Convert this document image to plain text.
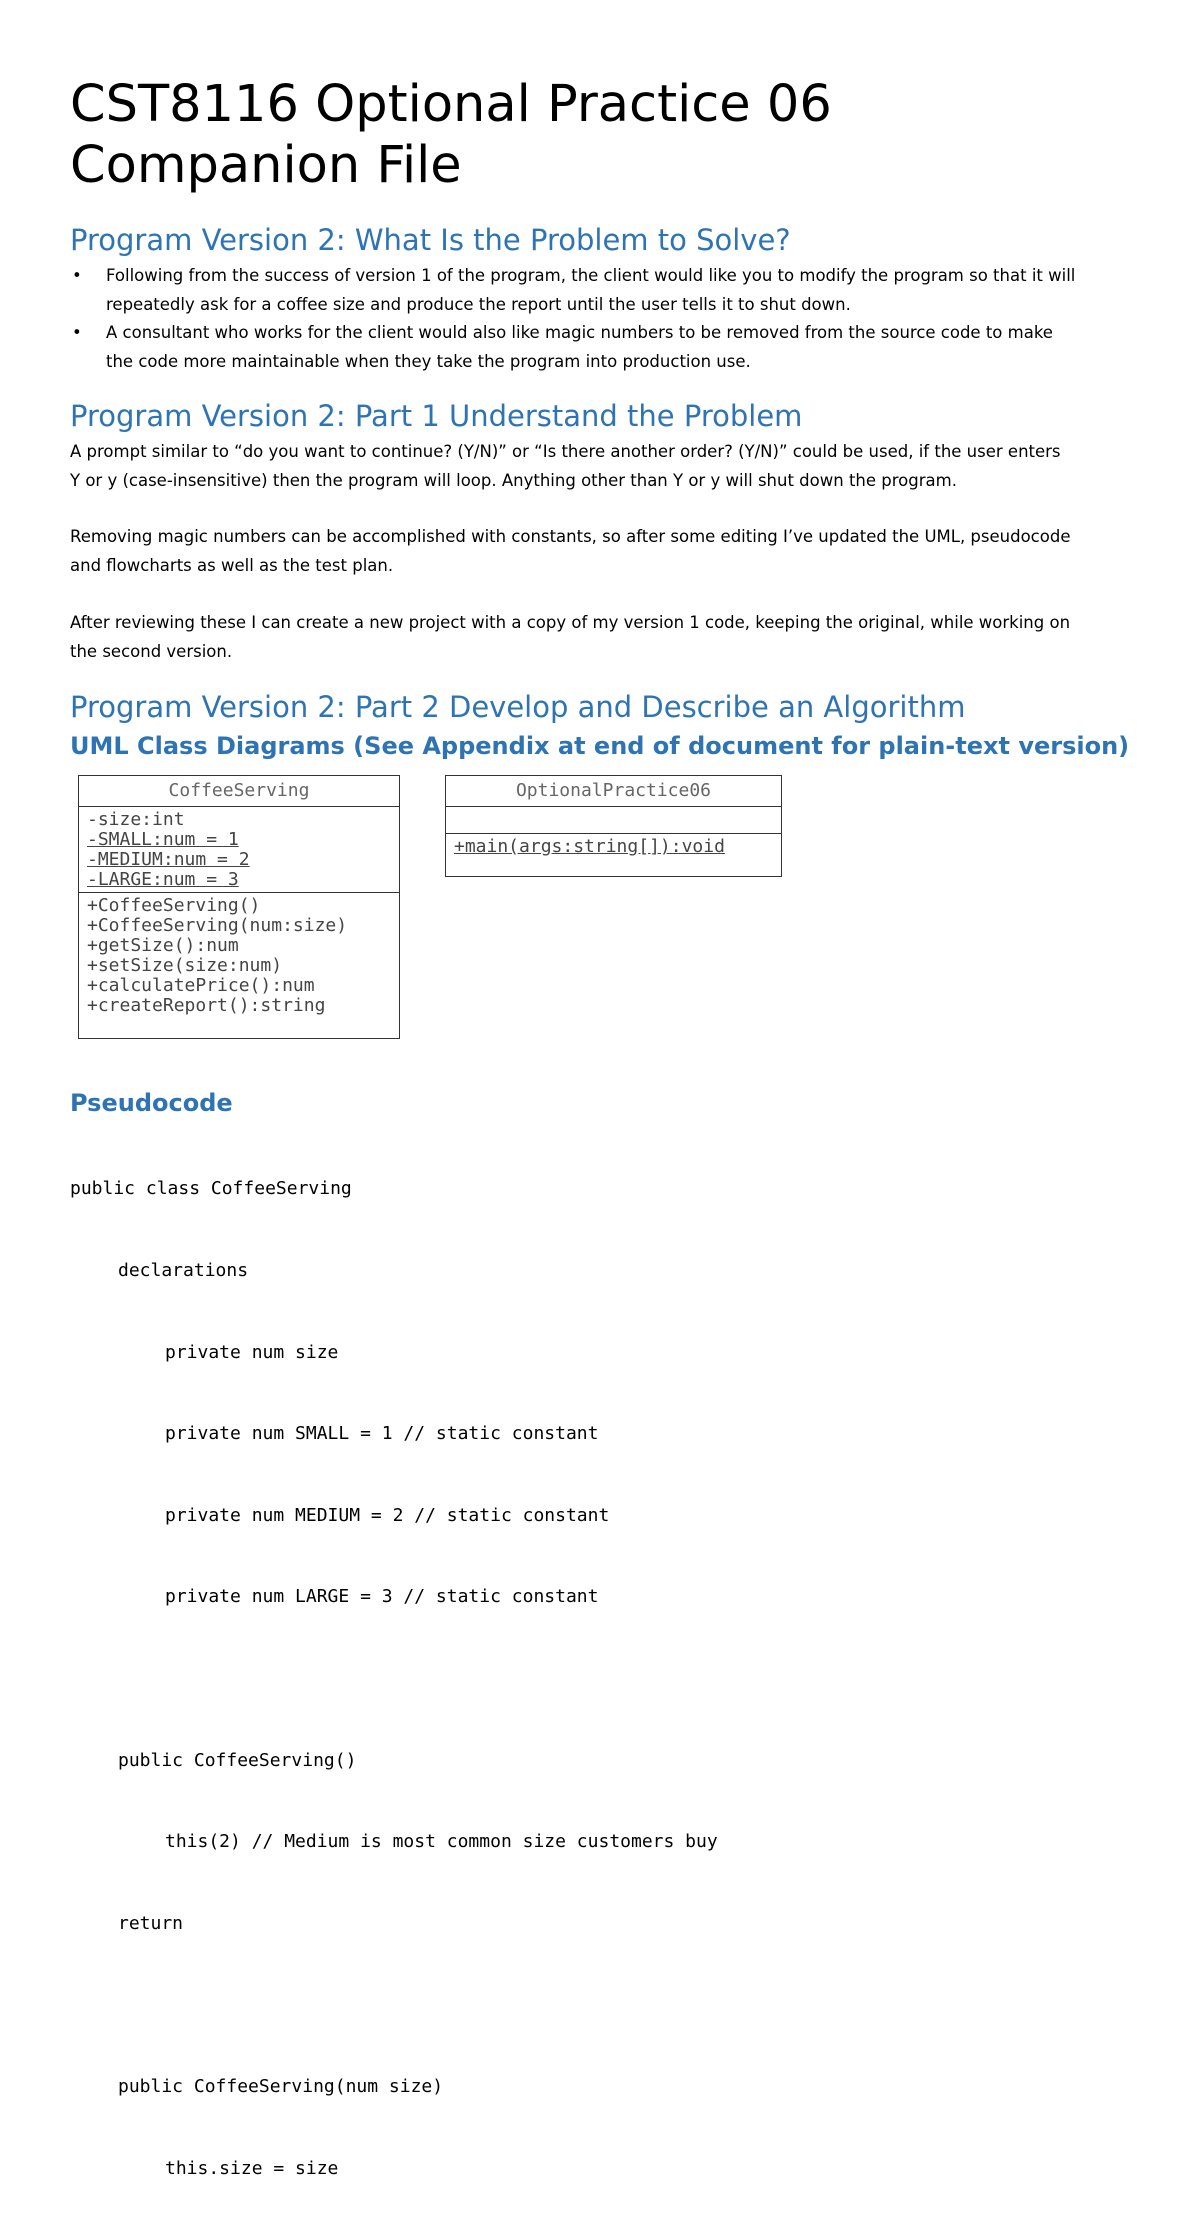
CST8116 Optional Practice 06
Companion File
Program Version 2: What Is the Problem to Solve?
• Following from the success of version 1 of the program, the client would like you to modify the program so that it will
repeatedly ask for a coffee size and produce the report until the user tells it to shut down.
• A consultant who works for the client would also like magic numbers to be removed from the source code to make
the code more maintainable when they take the program into production use.
Program Version 2: Part 1 Understand the Problem

A prompt similar to “do you want to continue? (Y/N)” or “Is there another order? (Y/N)” could be used, if the user enters
Y or y (case-insensitive) then the program will loop. Anything other than Y or y will shut down the program.

Removing magic numbers can be accomplished with constants, so after some editing I’ve updated the UML, pseudocode
and flowcharts as well as the test plan.

After reviewing these I can create a new project with a copy of my version 1 code, keeping the original, while working on
the second version.

Program Version 2: Part 2 Develop and Describe an Algorithm
UML Class Diagrams (See Appendix at end of document for plain-text version)
CoffeeServing
-size:int
-SMALL:num = 1
-MEDIUM:num = 2
-LARGE:num = 3
+CoffeeServing()
+CoffeeServing(num:size)
+getSize():num
+setSize(size:num)
+calculatePrice():num
+createReport():string
OptionalPractice06
+main(args:string[]):void
Pseudocode

public class CoffeeServing

declarations

private num size

private num SMALL = 1 // static constant

private num MEDIUM = 2 // static constant

private num LARGE = 3 // static constant

public CoffeeServing()

this(2) // Medium is most common size customers buy

return

public CoffeeServing(num size)

this.size = size
